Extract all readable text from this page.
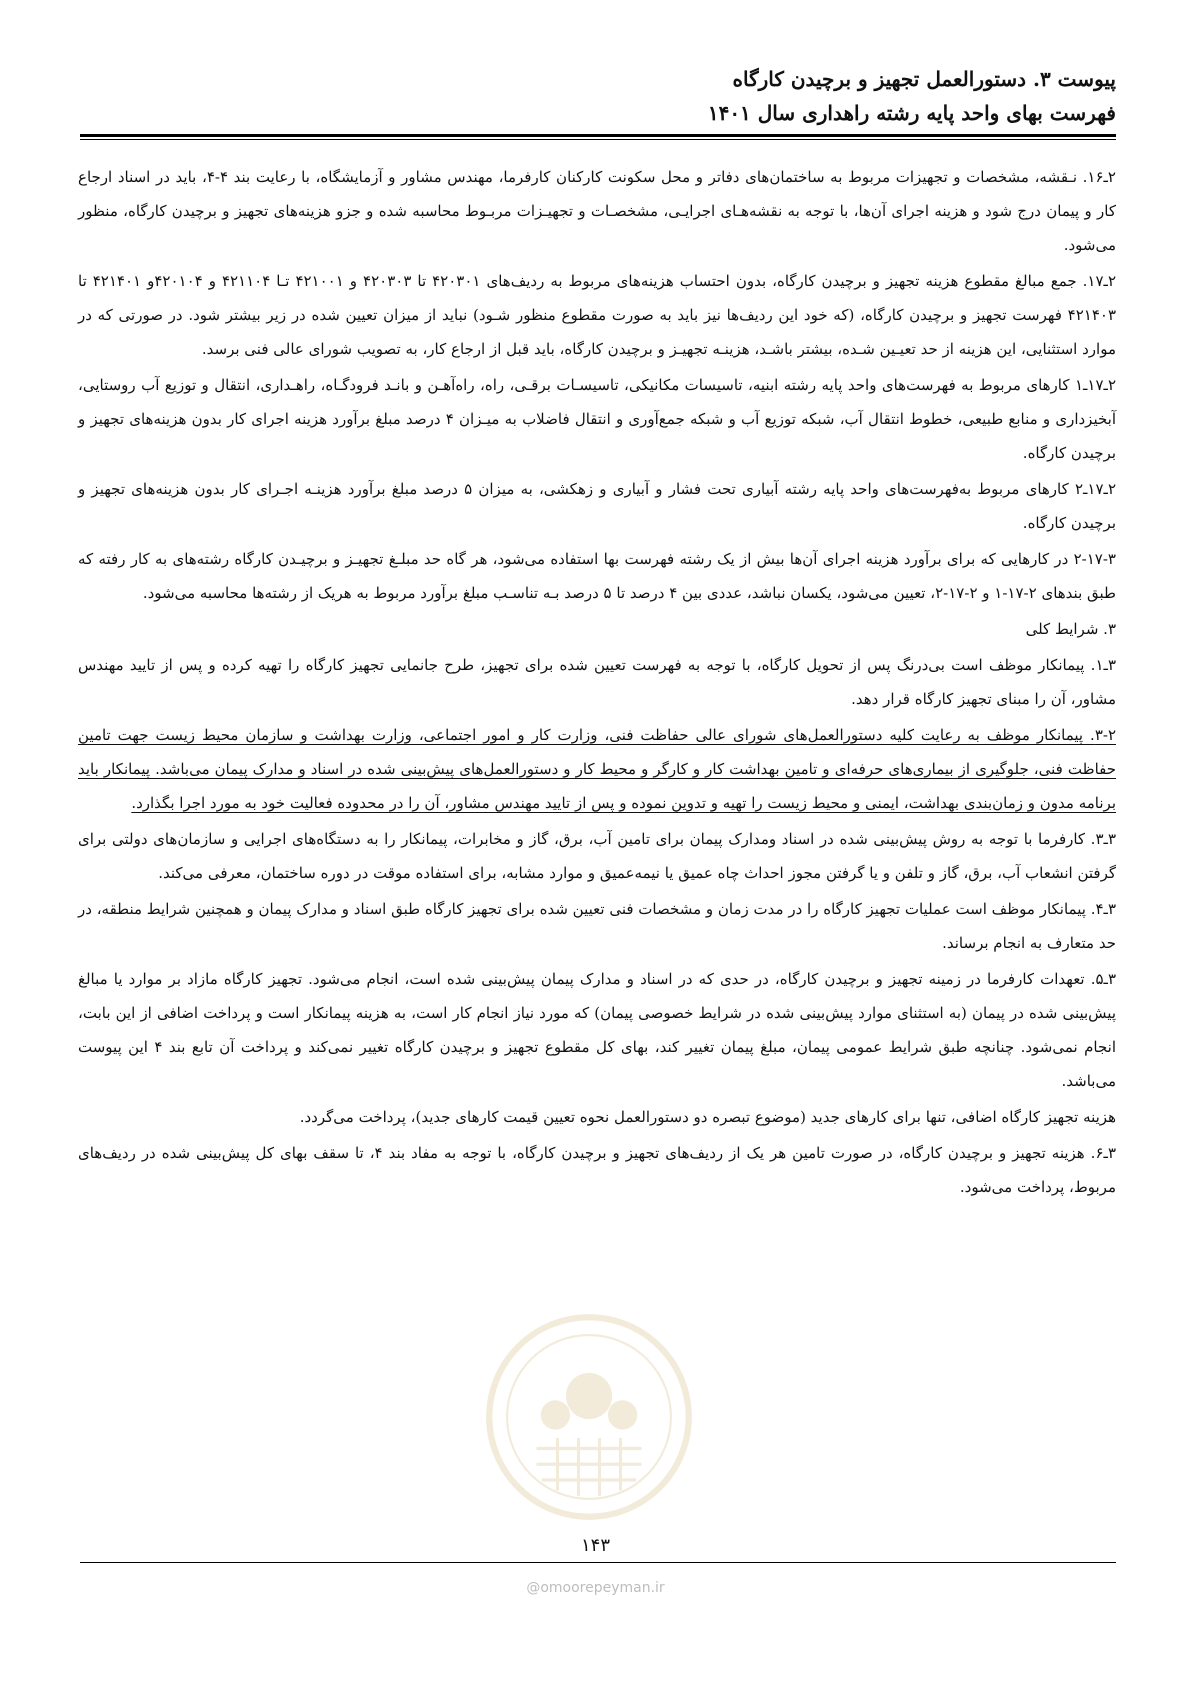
پیوست ۳. دستورالعمل تجهیز و برچیدن کارگاه
فهرست بهای واحد پایه رشته راهداری سال ۱۴۰۱

۲ـ۱۶. نـقشه، مشخصات و تجهیزات مربوط به ساختمان‌های دفاتر و محل سکونت کارکنان کارفرما، مهندس مشاور و آزمایشگاه، با رعایت بند ۴-۴، باید در اسناد ارجاع کار و پیمان درج شود و هزینه اجرای آن‌ها، با توجه به نقشه‌هـای اجرایـی، مشخصـات و تجهیـزات مربـوط محاسبه شده و جزو هزینه‌های تجهیز و برچیدن کارگاه، منظور می‌شود.

۲ـ۱۷. جمع مبالغ مقطوع هزینه تجهیز و برچیدن کارگاه، بدون احتساب هزینه‌های مربوط به ردیف‌های ۴۲۰۳۰۱ تا ۴۲۰۳۰۳ و ۴۲۱۰۰۱ تـا ۴۲۱۱۰۴ و ۴۲۰۱۰۴و ۴۲۱۴۰۱ تا ۴۲۱۴۰۳ فهرست تجهیز و برچیدن کارگاه، (که خود این ردیف‌ها نیز باید به صورت مقطوع منظور شـود) نباید از میزان تعیین شده در زیر بیشتر شود. در صورتی که در موارد استثنایی، این هزینه از حد تعیـین شـده، بیشتر باشـد، هزینـه تجهیـز و برچیدن کارگاه، باید قبل از ارجاع کار، به تصویب شورای عالی فنی برسد.

۲ـ۱۷ـ۱ کارهای مربوط به فهرست‌های واحد پایه رشته ابنیه، تاسیسات مکانیکی، تاسیسـات برقـی، راه، راه‌آهـن و بانـد فرودگـاه، راهـداری، انتقال و توزیع آب روستایی، آبخیزداری و منابع طبیعی، خطوط انتقال آب، شبکه توزیع آب و شبکه جمع‌آوری و انتقال فاضلاب به میـزان ۴ درصد مبلغ برآورد هزینه اجرای کار بدون هزینه‌های تجهیز و برچیدن کارگاه.

۲ـ۱۷ـ۲ کارهای مربوط به‌فهرست‌های واحد پایه رشته آبیاری تحت فشار و آبیاری و زهکشی، به میزان ۵ درصد مبلغ برآورد هزینـه اجـرای کار بدون هزینه‌های تجهیز و برچیدن کارگاه.

۲-۱۷-۳ در کارهایی که برای برآورد هزینه اجرای آن‌ها بیش از یک رشته فهرست بها استفاده می‌شود، هر گاه حد مبلـغ تجهیـز و برچیـدن کارگاه رشته‌های به کار رفته که طبق بندهای ۲-۱۷-۱ و ۲-۱۷-۲، تعیین می‌شود، یکسان نباشد، عددی بین ۴ درصد تا ۵ درصد بـه تناسـب مبلغ برآورد مربوط به هریک از رشته‌ها محاسبه می‌شود.

۳. شرایط کلی

۳ـ۱. پیمانکار موظف است بی‌درنگ پس از تحویل کارگاه، با توجه به فهرست تعیین شده برای تجهیز، طرح جانمایی تجهیز کارگاه را تهیه کرده و پس از تایید مهندس مشاور، آن را مبنای تجهیز کارگاه قرار دهد.

۳-۲. پیمانکار موظف به رعایت کلیه دستورالعمل‌های شورای عالی حفاظت فنی، وزارت کار و امور اجتماعی، وزارت بهداشت و سازمان محیط زیست جهت تامین حفاظت فنی، جلوگیری از بیماری‌های حرفه‌ای و تامین بهداشت کار و کارگر و محیط کار و دستورالعمل‌های پیش‌بینی شده در اسناد و مدارک پیمان می‌باشد. پیمانکار باید برنامه مدون و زمان‌بندی بهداشت، ایمنی و محیط زیست را تهیه و تدوین نموده و پس از تایید مهندس مشاور، آن را در محدوده فعالیت خود به مورد اجرا بگذارد.

۳ـ۳. کارفرما با توجه به روش پیش‌بینی شده در اسناد ومدارک پیمان برای تامین آب، برق، گاز و مخابرات، پیمانکار را به دستگاه‌های اجرایی و سازمان‌های دولتی برای گرفتن انشعاب آب، برق، گاز و تلفن و یا گرفتن مجوز احداث چاه عمیق یا نیمه‌عمیق و موارد مشابه، برای استفاده موقت در دوره ساختمان، معرفی می‌کند.

۳ـ۴. پیمانکار موظف است عملیات تجهیز کارگاه را در مدت زمان و مشخصات فنی تعیین شده برای تجهیز کارگاه طبق اسناد و مدارک پیمان و همچنین شرایط منطقه، در حد متعارف به انجام برساند.

۳ـ۵. تعهدات کارفرما در زمینه تجهیز و برچیدن کارگاه، در حدی که در اسناد و مدارک پیمان پیش‌بینی شده است، انجام می‌شود. تجهیز کارگاه مازاد بر موارد یا مبالغ پیش‌بینی شده در پیمان (به استثنای موارد پیش‌بینی شده در شرایط خصوصی پیمان) که مورد نیاز انجام کار است، به هزینه پیمانکار است و پرداخت اضافی از این بابت، انجام نمی‌شود. چنانچه طبق شرایط عمومی پیمان، مبلغ پیمان تغییر کند، بهای کل مقطوع تجهیز و برچیدن کارگاه تغییر نمی‌کند و پرداخت آن تابع بند ۴ این پیوست می‌باشد.

هزینه تجهیز کارگاه اضافی، تنها برای کارهای جدید (موضوع تبصره دو دستورالعمل نحوه تعیین قیمت کارهای جدید)، پرداخت می‌گردد.

۳ـ۶. هزینه تجهیز و برچیدن کارگاه، در صورت تامین هر یک از ردیف‌های تجهیز و برچیدن کارگاه، با توجه به مفاد بند ۴، تا سقف بهای کل پیش‌بینی شده در ردیف‌های مربوط، پرداخت می‌شود.

۱۴۳
@omoorepeyman.ir
